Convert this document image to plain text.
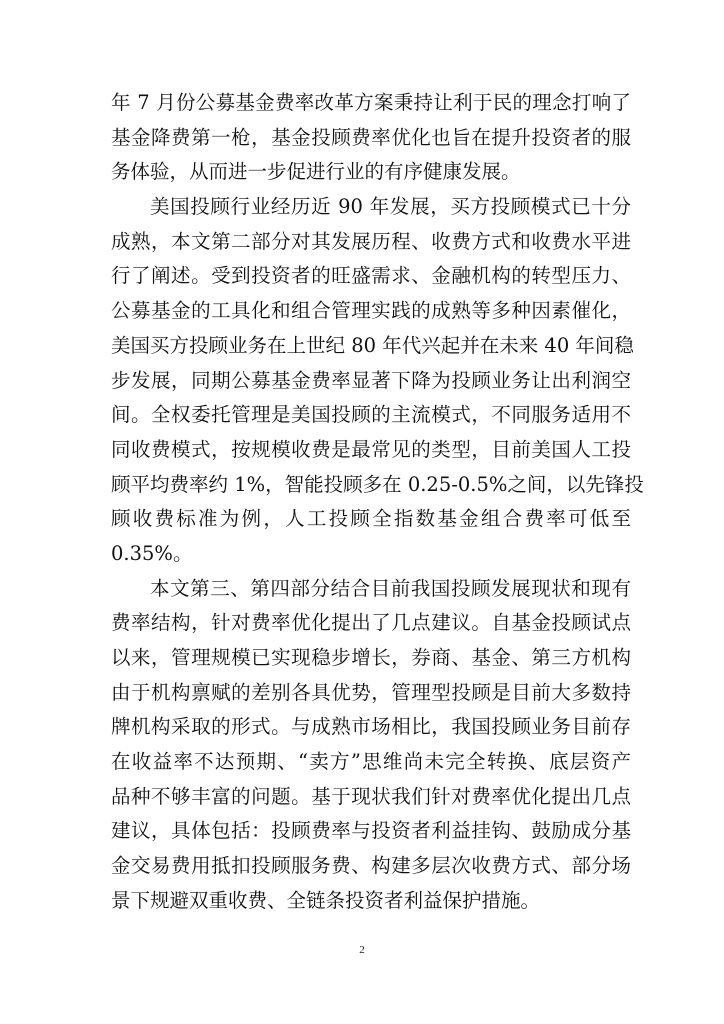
年 7 月份公募基金费率改革方案秉持让利于民的理念打响了
基金降费第一枪，基金投顾费率优化也旨在提升投资者的服
务体验，从而进一步促进行业的有序健康发展。
美国投顾行业经历近 90 年发展，买方投顾模式已十分
成熟，本文第二部分对其发展历程、收费方式和收费水平进
行了阐述。受到投资者的旺盛需求、金融机构的转型压力、
公募基金的工具化和组合管理实践的成熟等多种因素催化，
美国买方投顾业务在上世纪 80 年代兴起并在未来 40 年间稳
步发展，同期公募基金费率显著下降为投顾业务让出利润空
间。全权委托管理是美国投顾的主流模式，不同服务适用不
同收费模式，按规模收费是最常见的类型，目前美国人工投
顾平均费率约 1%，智能投顾多在 0.25-0.5%之间，以先锋投
顾收费标准为例，人工投顾全指数基金组合费率可低至
0.35%。
本文第三、第四部分结合目前我国投顾发展现状和现有
费率结构，针对费率优化提出了几点建议。自基金投顾试点
以来，管理规模已实现稳步增长，券商、基金、第三方机构
由于机构禀赋的差别各具优势，管理型投顾是目前大多数持
牌机构采取的形式。与成熟市场相比，我国投顾业务目前存
在收益率不达预期、“卖方”思维尚未完全转换、底层资产
品种不够丰富的问题。基于现状我们针对费率优化提出几点
建议，具体包括：投顾费率与投资者利益挂钩、鼓励成分基
金交易费用抵扣投顾服务费、构建多层次收费方式、部分场
景下规避双重收费、全链条投资者利益保护措施。
2
